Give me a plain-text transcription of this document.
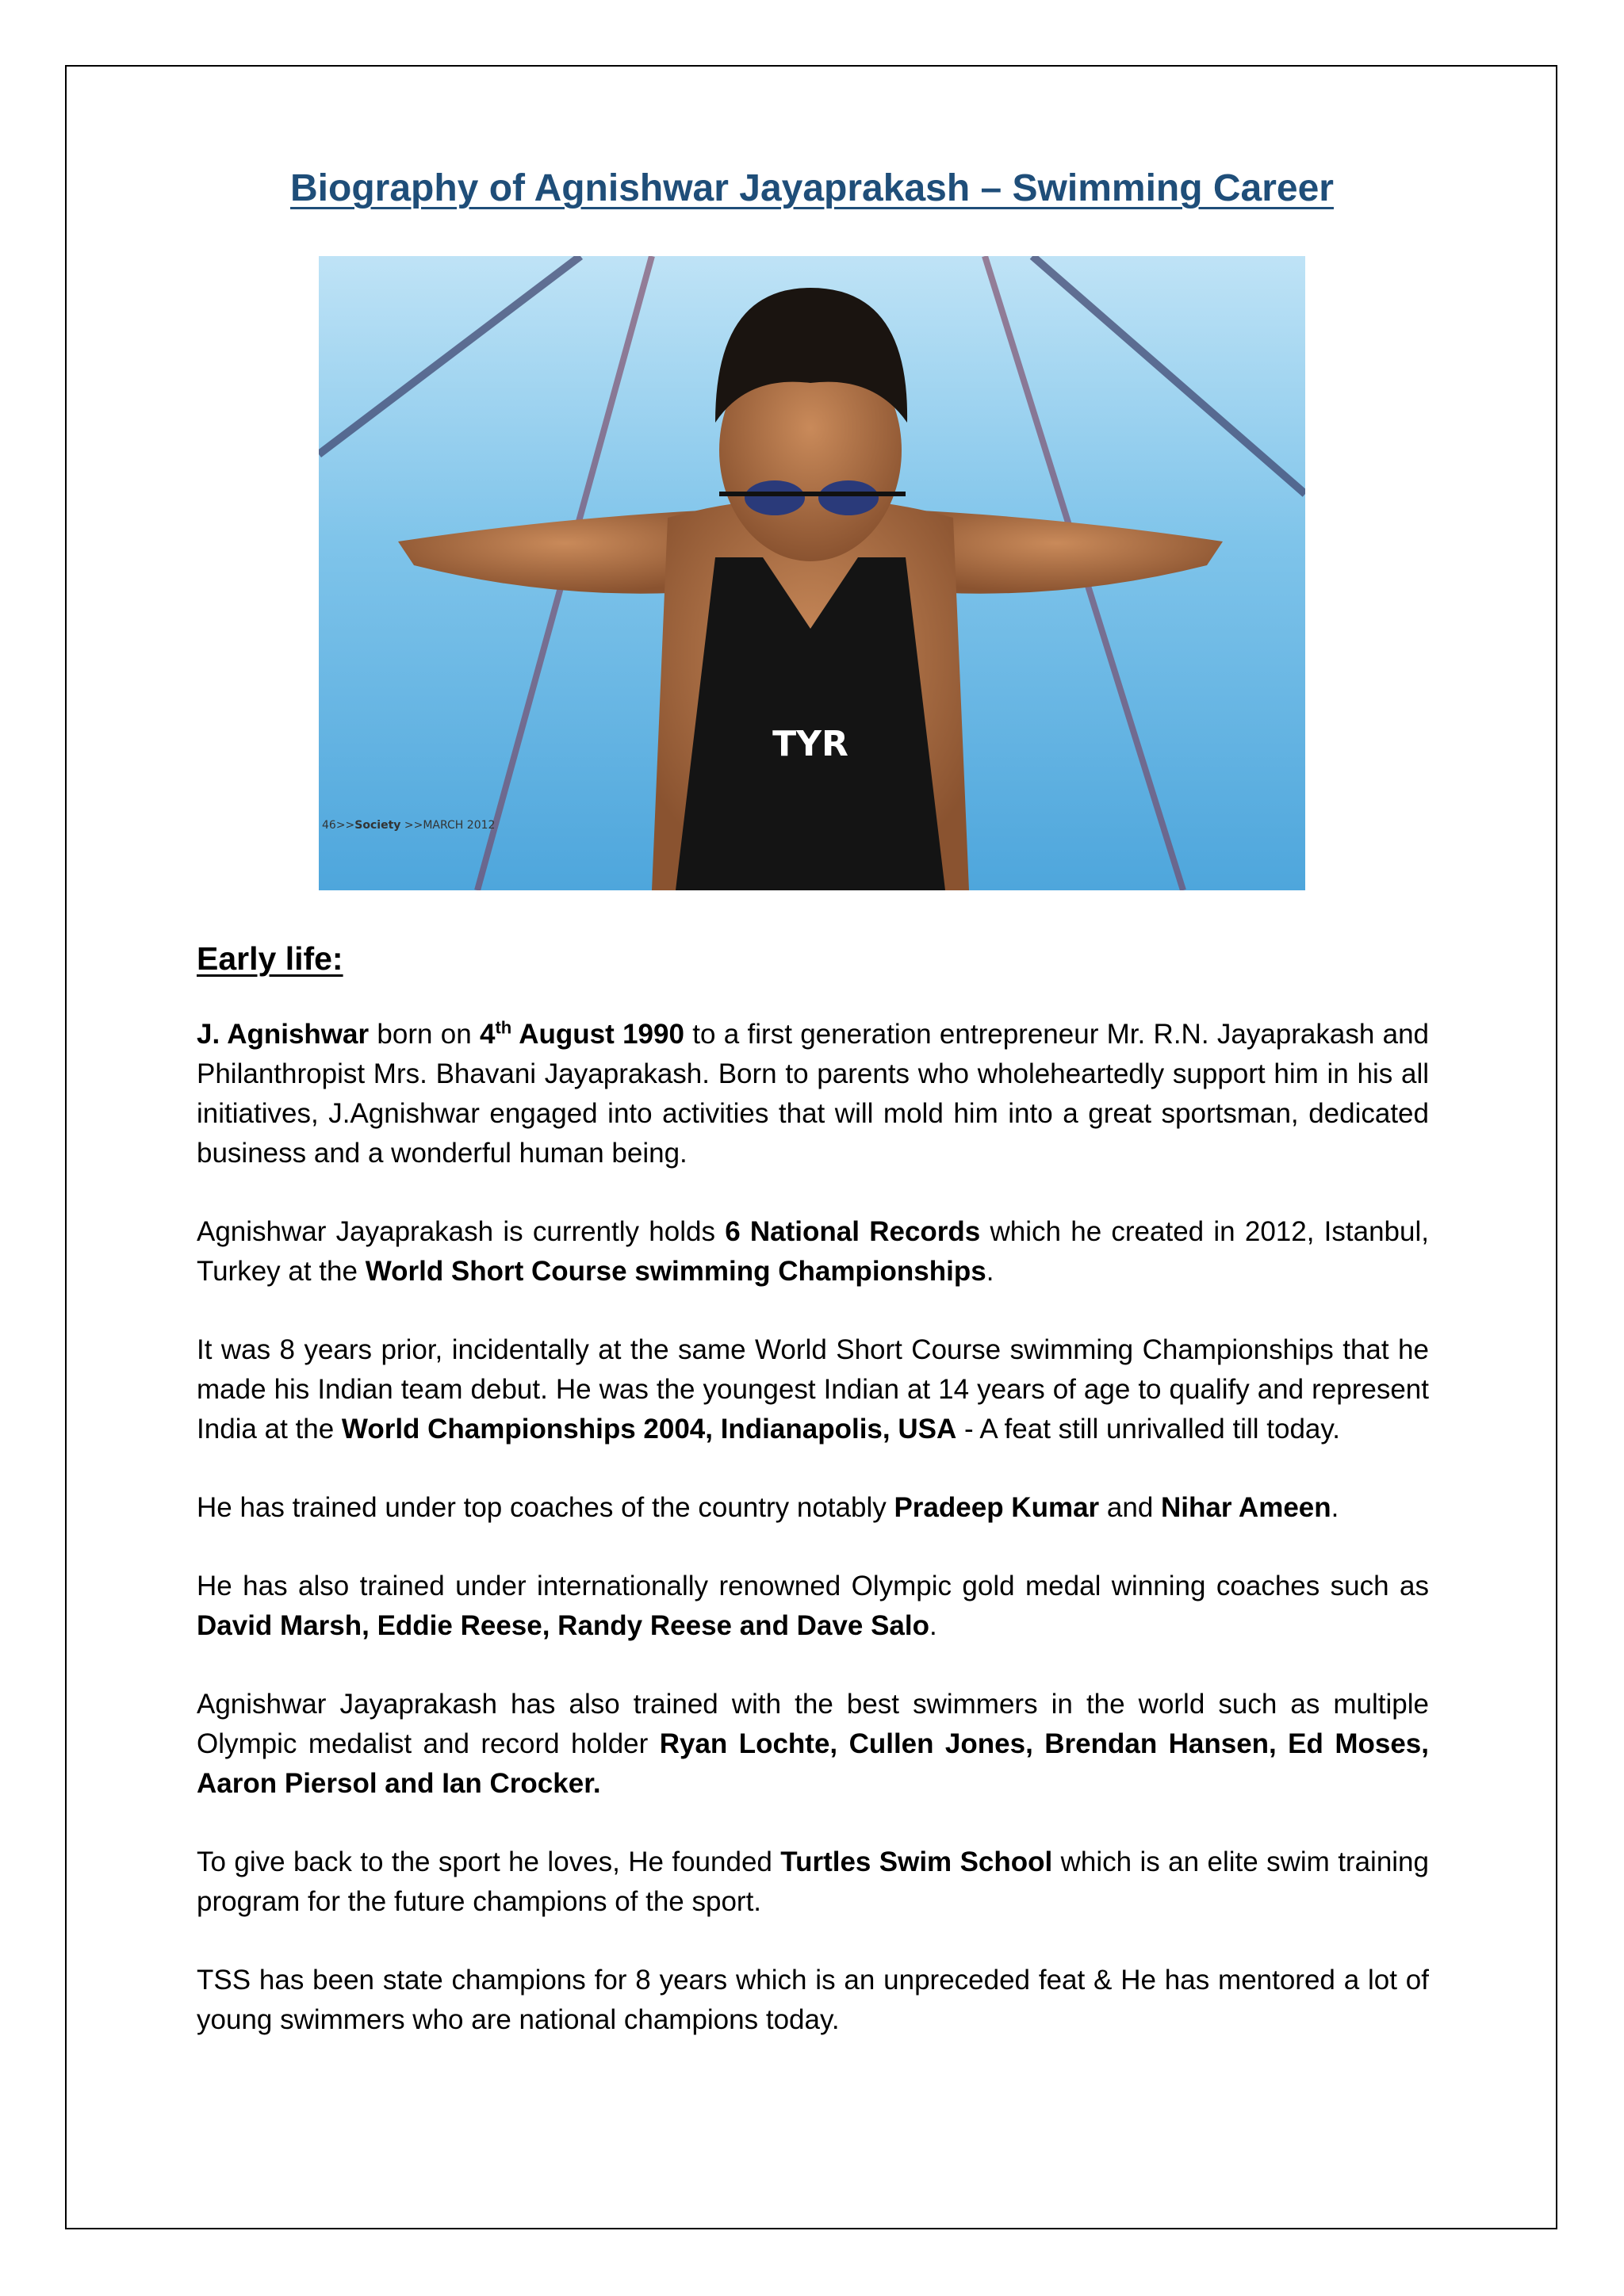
Biography of Agnishwar Jayaprakash – Swimming Career
TYR
46>>Society >>MARCH 2012
Early life:

J. Agnishwar born on 4th August 1990 to a first generation entrepreneur Mr. R.N. Jayaprakash and Philanthropist Mrs. Bhavani Jayaprakash. Born to parents who wholeheartedly support him in his all initiatives, J.Agnishwar engaged into activities that will mold him into a great sportsman, dedicated business and a wonderful human being.

Agnishwar Jayaprakash is currently holds 6 National Records which he created in 2012, Istanbul, Turkey at the World Short Course swimming Championships.

It was 8 years prior, incidentally at the same World Short Course swimming Championships that he made his Indian team debut. He was the youngest Indian at 14 years of age to qualify and represent India at the World Championships 2004, Indianapolis, USA - A feat still unrivalled till today.

He has trained under top coaches of the country notably Pradeep Kumar and Nihar Ameen.

He has also trained under internationally renowned Olympic gold medal winning coaches such as David Marsh, Eddie Reese, Randy Reese and Dave Salo.

Agnishwar Jayaprakash has also trained with the best swimmers in the world such as multiple Olympic medalist and record holder Ryan Lochte, Cullen Jones, Brendan Hansen, Ed Moses, Aaron Piersol and Ian Crocker.

To give back to the sport he loves, He founded Turtles Swim School which is an elite swim training program for the future champions of the sport.

TSS has been state champions for 8 years which is an unpreceded feat & He has mentored a lot of young swimmers who are national champions today.
